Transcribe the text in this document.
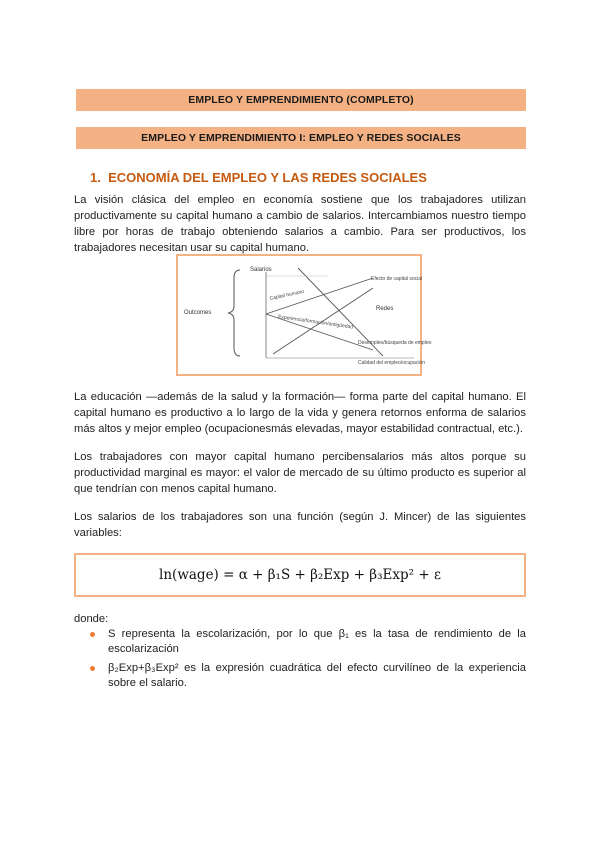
EMPLEO Y EMPRENDIMIENTO (COMPLETO)
EMPLEO Y EMPRENDIMIENTO I: EMPLEO Y REDES SOCIALES
1. ECONOMÍA DEL EMPLEO Y LAS REDES SOCIALES

La visión clásica del empleo en economía sostiene que los trabajadores utilizan productivamente su capital humano a cambio de salarios. Intercambiamos nuestro tiempo libre por horas de trabajo obteniendo salarios a cambio. Para ser productivos, los trabajadores necesitan usar su capital humano.

Outcomes
Salarios
Efecto de capital social
Redes
Desempleo/búsqueda de empleo
Calidad del empleo/ocupación
Capital humano
Experiencia/formación/antigüedad

La educación —además de la salud y la formación— forma parte del capital humano. El capital humano es productivo a lo largo de la vida y genera retornos enforma de salarios más altos y mejor empleo (ocupacionesmás elevadas, mayor estabilidad contractual, etc.).

Los trabajadores con mayor capital humano percibensalarios más altos porque su productividad marginal es mayor: el valor de mercado de su último producto es superior al que tendrían con menos capital humano.

Los salarios de los trabajadores son una función (según J. Mincer) de las siguientes variables:

ln(wage) = α + β₁S + β₂Exp + β₃Exp² + ε

donde:

S representa la escolarización, por lo que β₁ es la tasa de rendimiento de la escolarización
β₂Exp+β₃Exp² es la expresión cuadrática del efecto curvilíneo de la experiencia sobre el salario.
